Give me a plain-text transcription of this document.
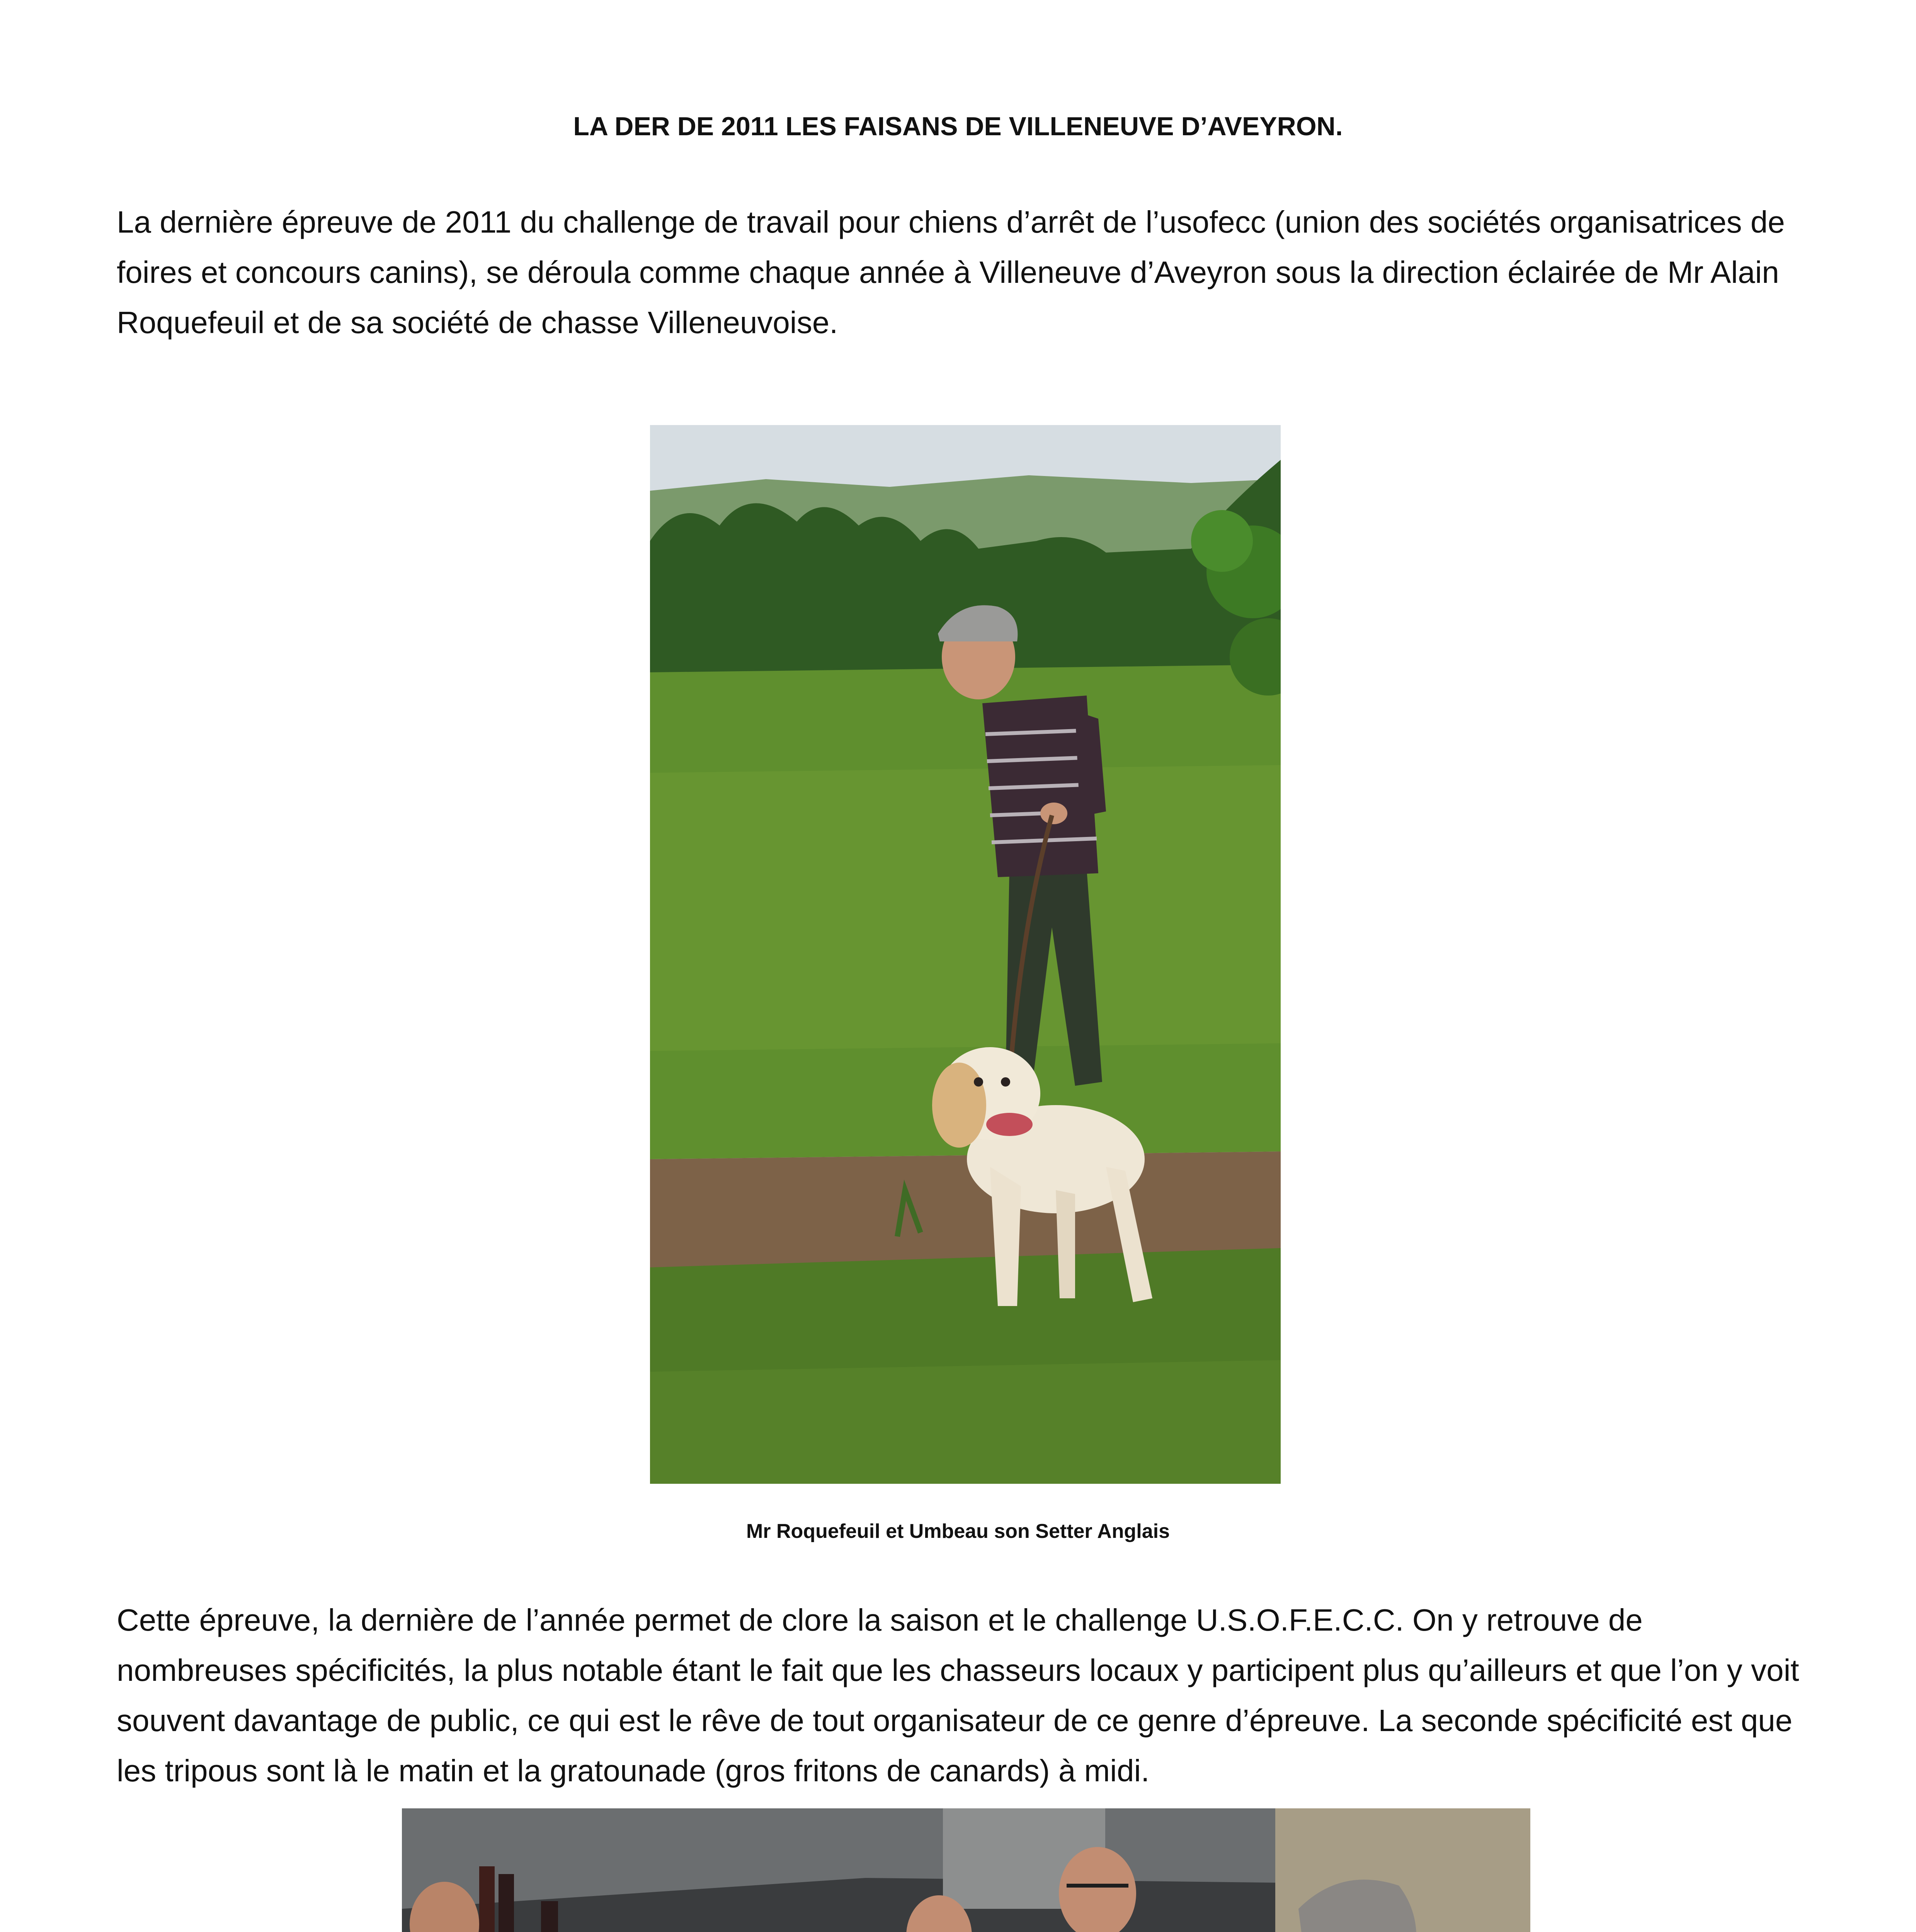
LA DER DE 2011 LES FAISANS DE VILLENEUVE D’AVEYRON.

La dernière épreuve de 2011 du challenge de travail pour chiens d’arrêt de l’usofecc (union des sociétés organisatrices de foires et concours canins), se déroula comme chaque année à Villeneuve d’Aveyron sous la direction éclairée de Mr Alain Roquefeuil et de sa société de chasse Villeneuvoise.

Mr Roquefeuil et Umbeau son Setter Anglais

Cette épreuve, la dernière de l’année permet de clore la saison et le challenge U.S.O.F.E.C.C. On y retrouve de nombreuses spécificités, la plus notable étant le fait que les chasseurs locaux y participent plus qu’ailleurs et que l’on y voit souvent davantage de public, ce qui est le rêve de tout organisateur de ce genre d’épreuve. La seconde spécificité est que les tripous sont là le matin et la gratounade (gros fritons de canards) à midi.
